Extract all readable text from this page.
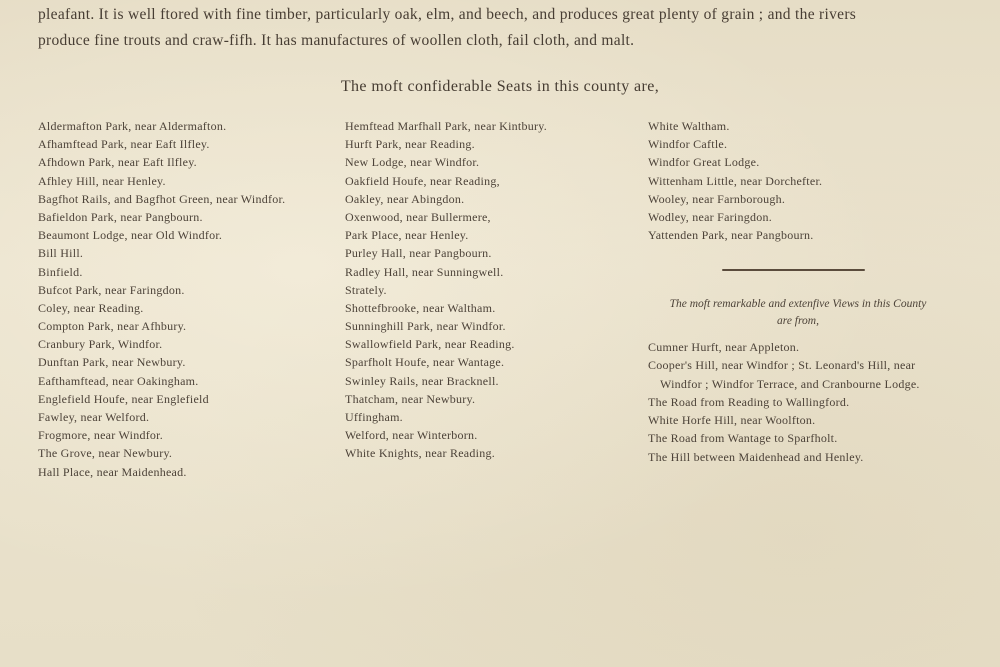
pleafant. It is well ftored with fine timber, particularly oak, elm, and beech, and produces great plenty of grain ; and the rivers
produce fine trouts and craw-fifh. It has manufactures of woollen cloth, fail cloth, and malt.
The moft confiderable Seats in this county are,
Aldermafton Park, near Aldermafton.
Afhamftead Park, near Eaft Ilfley.
Afhdown Park, near Eaft Ilfley.
Afhley Hill, near Henley.
Bagfhot Rails, and Bagfhot Green, near Windfor.
Bafieldon Park, near Pangbourn.
Beaumont Lodge, near Old Windfor.
Bill Hill.
Binfield.
Bufcot Park, near Faringdon.
Coley, near Reading.
Compton Park, near Afhbury.
Cranbury Park, Windfor.
Dunftan Park, near Newbury.
Eafthamftead, near Oakingham.
Englefield Houfe, near Englefield
Fawley, near Welford.
Frogmore, near Windfor.
The Grove, near Newbury.
Hall Place, near Maidenhead.
Hemftead Marfhall Park, near Kintbury.
Hurft Park, near Reading.
New Lodge, near Windfor.
Oakfield Houfe, near Reading,
Oakley, near Abingdon.
Oxenwood, near Bullermere,
Park Place, near Henley.
Purley Hall, near Pangbourn.
Radley Hall, near Sunningwell.
Strately.
Shottefbrooke, near Waltham.
Sunninghill Park, near Windfor.
Swallowfield Park, near Reading.
Sparfholt Houfe, near Wantage.
Swinley Rails, near Bracknell.
Thatcham, near Newbury.
Uffingham.
Welford, near Winterborn.
White Knights, near Reading.
White Waltham.
Windfor Caftle.
Windfor Great Lodge.
Wittenham Little, near Dorchefter.
Wooley, near Farnborough.
Wodley, near Faringdon.
Yattenden Park, near Pangbourn.
The moft remarkable and extenfive Views in this County
are from,
Cumner Hurft, near Appleton.
Cooper's Hill, near Windfor ; St. Leonard's Hill, near
Windfor ; Windfor Terrace, and Cranbourne Lodge.
The Road from Reading to Wallingford.
White Horfe Hill, near Woolfton.
The Road from Wantage to Sparfholt.
The Hill between Maidenhead and Henley.
